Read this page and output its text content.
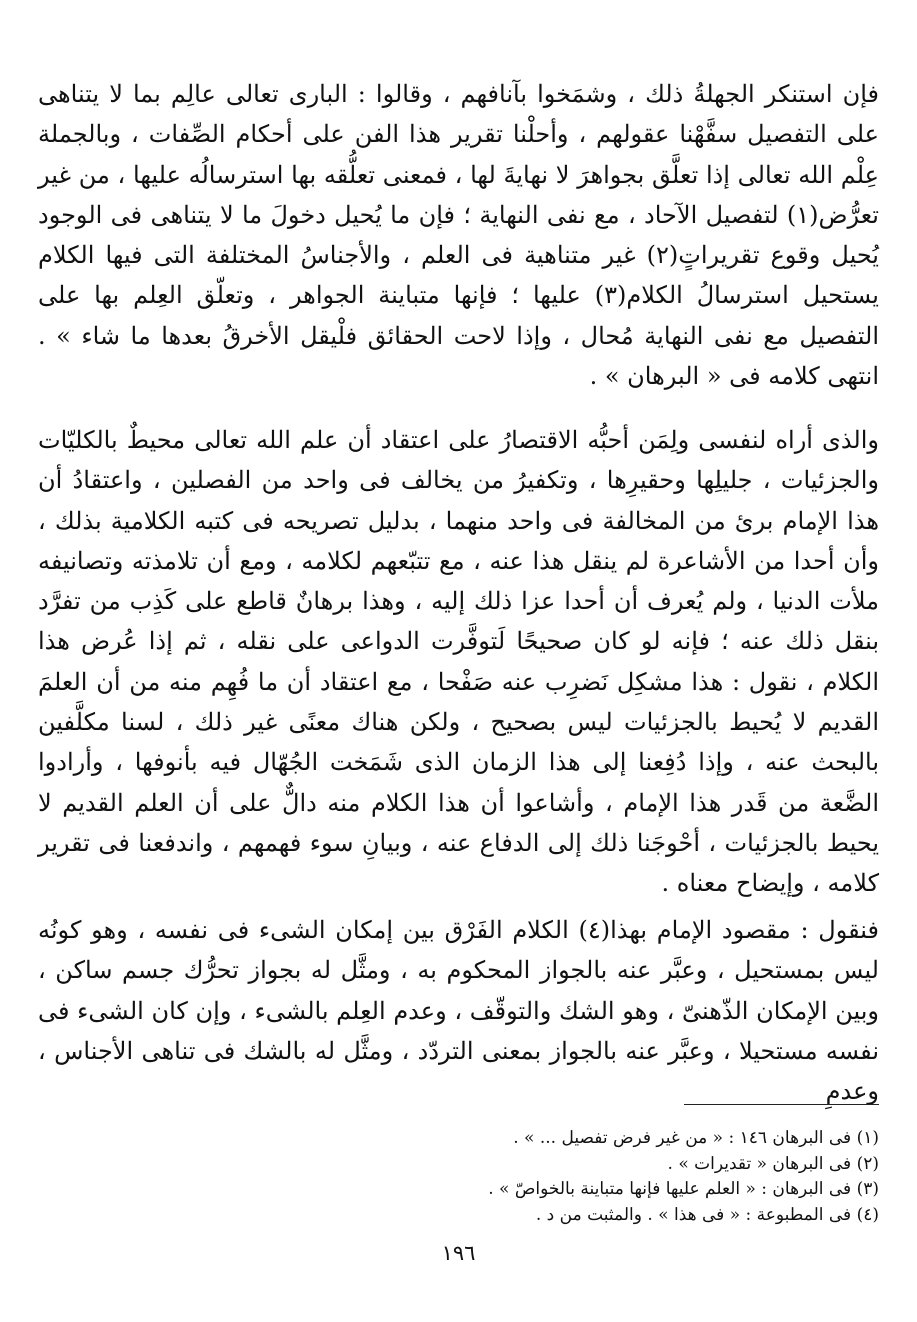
فإن استنكر الجهلةُ ذلك ، وشمَخوا بآنافهم ، وقالوا : البارى تعالى عالِم بما لا يتناهى على التفصيل سفَّهْنا عقولهم ، وأحلْنا تقرير هذا الفن على أحكام الصِّفات ، وبالجملة عِلْم الله تعالى إذا تعلَّق بجواهرَ لا نهايةَ لها ، فمعنى تعلُّقه بها استرسالُه عليها ، من غير تعرُّض(١) لتفصيل الآحاد ، مع نفى النهاية ؛ فإن ما يُحيل دخولَ ما لا يتناهى فى الوجود يُحيل وقوع تقريراتٍ(٢) غير متناهية فى العلم ، والأجناسُ المختلفة التى فيها الكلام يستحيل استرسالُ الكلام(٣) عليها ؛ فإنها متباينة الجواهر ، وتعلّق العِلم بها على التفصيل مع نفى النهاية مُحال ، وإذا لاحت الحقائق فلْيقل الأخرقُ بعدها ما شاء » . انتهى كلامه فى « البرهان » .

والذى أراه لنفسى ولِمَن أحبُّه الاقتصارُ على اعتقاد أن علم الله تعالى محيطٌ بالكليّات والجزئيات ، جليلِها وحقيرِها ، وتكفيرُ من يخالف فى واحد من الفصلين ، واعتقادُ أن هذا الإمام برئ من المخالفة فى واحد منهما ، بدليل تصريحه فى كتبه الكلامية بذلك ، وأن أحدا من الأشاعرة لم ينقل هذا عنه ، مع تتبّعهم لكلامه ، ومع أن تلامذته وتصانيفه ملأت الدنيا ، ولم يُعرف أن أحدا عزا ذلك إليه ، وهذا برهانٌ قاطع على كَذِب من تفرَّد بنقل ذلك عنه ؛ فإنه لو كان صحيحًا لَتوفَّرت الدواعى على نقله ، ثم إذا عُرض هذا الكلام ، نقول : هذا مشكِل نَضرِب عنه صَفْحا ، مع اعتقاد أن ما فُهِم منه من أن العلمَ القديم لا يُحيط بالجزئيات ليس بصحيح ، ولكن هناك معنًى غير ذلك ، لسنا مكلَّفين بالبحث عنه ، وإذا دُفِعنا إلى هذا الزمان الذى شَمَخت الجُهّال فيه بأنوفها ، وأرادوا الضَّعة من قَدر هذا الإمام ، وأشاعوا أن هذا الكلام منه دالٌّ على أن العلم القديم لا يحيط بالجزئيات ، أحْوجَنا ذلك إلى الدفاع عنه ، وبيانِ سوء فهمهم ، واندفعنا فى تقرير كلامه ، وإيضاح معناه .

فنقول : مقصود الإمام بهذا(٤) الكلام الفَرْق بين إمكان الشىء فى نفسه ، وهو كونُه ليس بمستحيل ، وعبَّر عنه بالجواز المحكوم به ، ومثَّل له بجواز تحرُّك جسم ساكن ، وبين الإمكان الذّهنىّ ، وهو الشك والتوقّف ، وعدم العِلم بالشىء ، وإن كان الشىء فى نفسه مستحيلا ، وعبَّر عنه بالجواز بمعنى التردّد ، ومثَّل له بالشك فى تناهى الأجناس ، وعدمِ

(١) فى البرهان ١٤٦ : « من غير فرض تفصيل ... » .

(٢) فى البرهان « تقديرات » .

(٣) فى البرهان : « العلم عليها فإنها متباينة بالخواصّ » .

(٤) فى المطبوعة : « فى هذا » . والمثبت من د .

١٩٦
